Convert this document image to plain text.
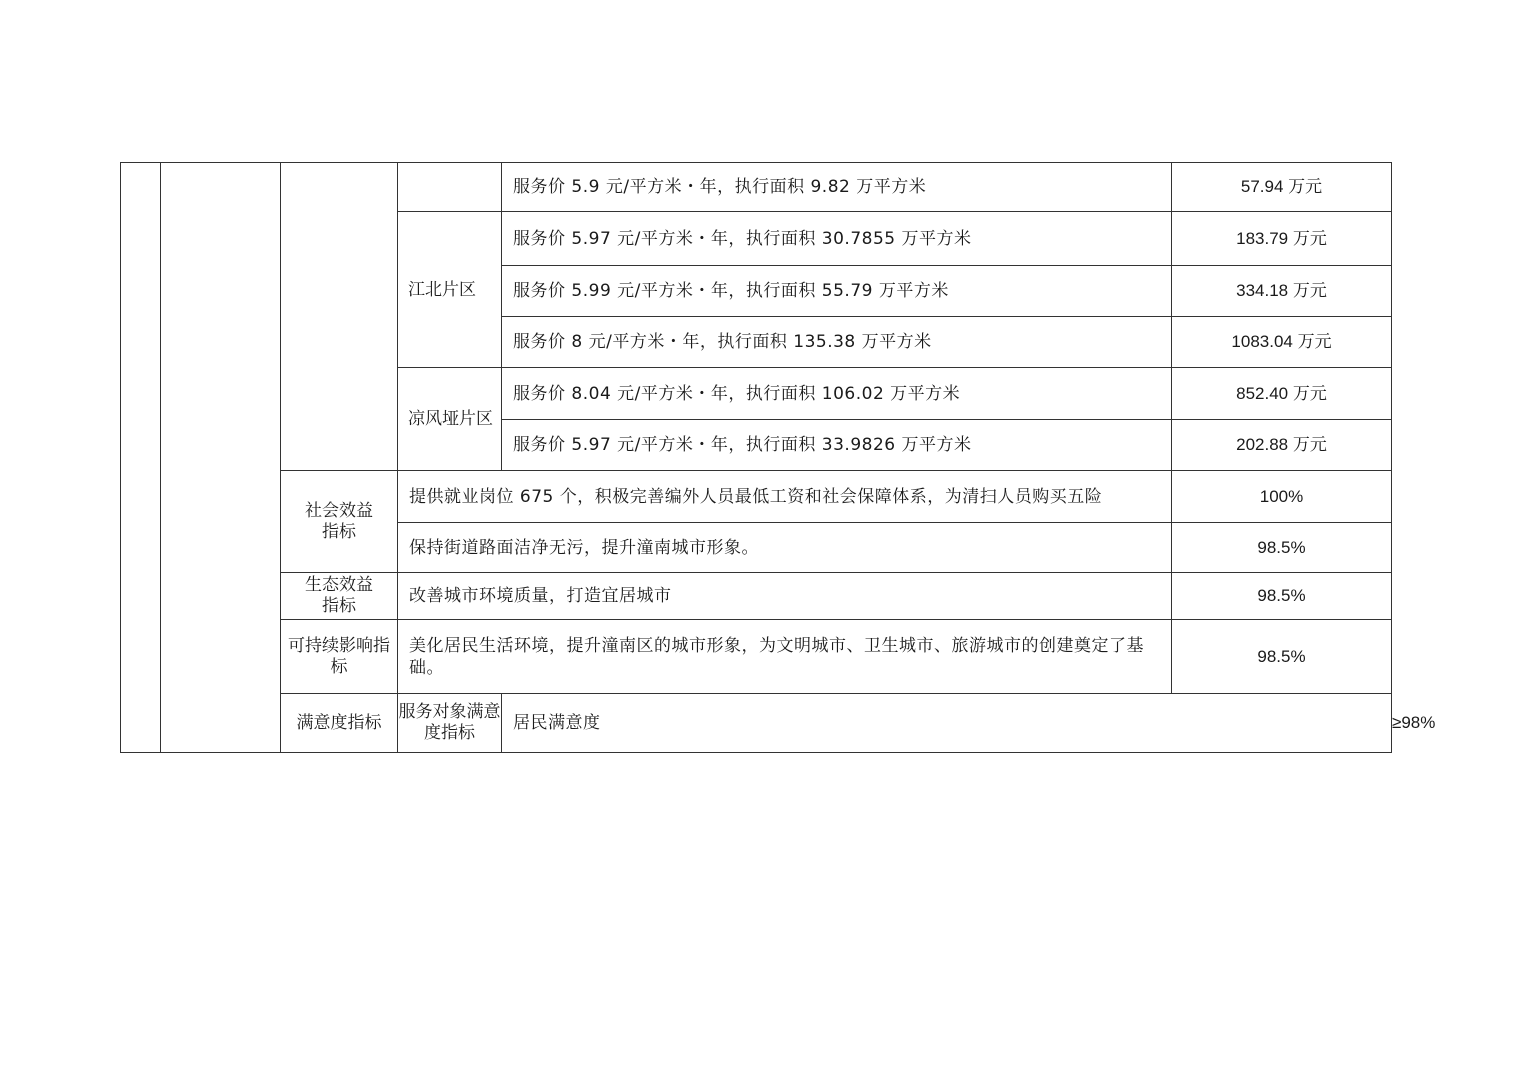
				服务价 5.9 元/平方米・年，执行面积 9.82 万平方米	57.94 万元	
			江北片区	服务价 5.97 元/平方米・年，执行面积 30.7855 万平方米	183.79 万元	
				服务价 5.99 元/平方米・年，执行面积 55.79 万平方米	334.18 万元	
				服务价 8 元/平方米・年，执行面积 135.38 万平方米	1083.04 万元	
			凉风垭片区	服务价 8.04 元/平方米・年，执行面积 106.02 万平方米	852.40 万元	
				服务价 5.97 元/平方米・年，执行面积 33.9826 万平方米	202.88 万元	
		社会效益指标	提供就业岗位 675 个，积极完善编外人员最低工资和社会保障体系，为清扫人员购买五险		100%	
			保持街道路面洁净无污，提升潼南城市形象。		98.5%	
		生态效益指标	改善城市环境质量，打造宜居城市		98.5%	
		可持续影响指标	美化居民生活环境，提升潼南区的城市形象，为文明城市、卫生城市、旅游城市的创建奠定了基础。		98.5%	
		满意度指标	服务对象满意度指标	居民满意度		≥98%
